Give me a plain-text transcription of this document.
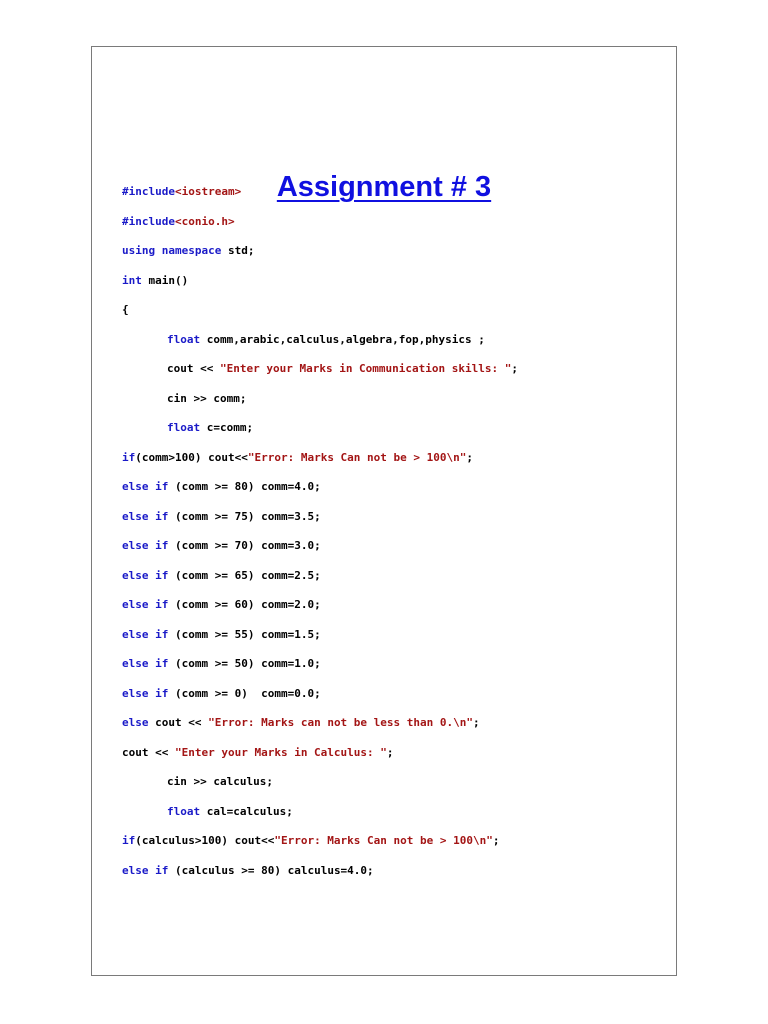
Assignment # 3
#include<iostream>
#include<conio.h>
using namespace std;
int main()
{
float comm,arabic,calculus,algebra,fop,physics ;
cout << "Enter your Marks in Communication skills: ";
cin >> comm;
float c=comm;
if(comm>100) cout<<"Error: Marks Can not be > 100\n";
else if (comm >= 80) comm=4.0;
else if (comm >= 75) comm=3.5;
else if (comm >= 70) comm=3.0;
else if (comm >= 65) comm=2.5;
else if (comm >= 60) comm=2.0;
else if (comm >= 55) comm=1.5;
else if (comm >= 50) comm=1.0;
else if (comm >= 0)  comm=0.0;
else cout << "Error: Marks can not be less than 0.\n";
cout << "Enter your Marks in Calculus: ";
cin >> calculus;
float cal=calculus;
if(calculus>100) cout<<"Error: Marks Can not be > 100\n";
else if (calculus >= 80) calculus=4.0;
